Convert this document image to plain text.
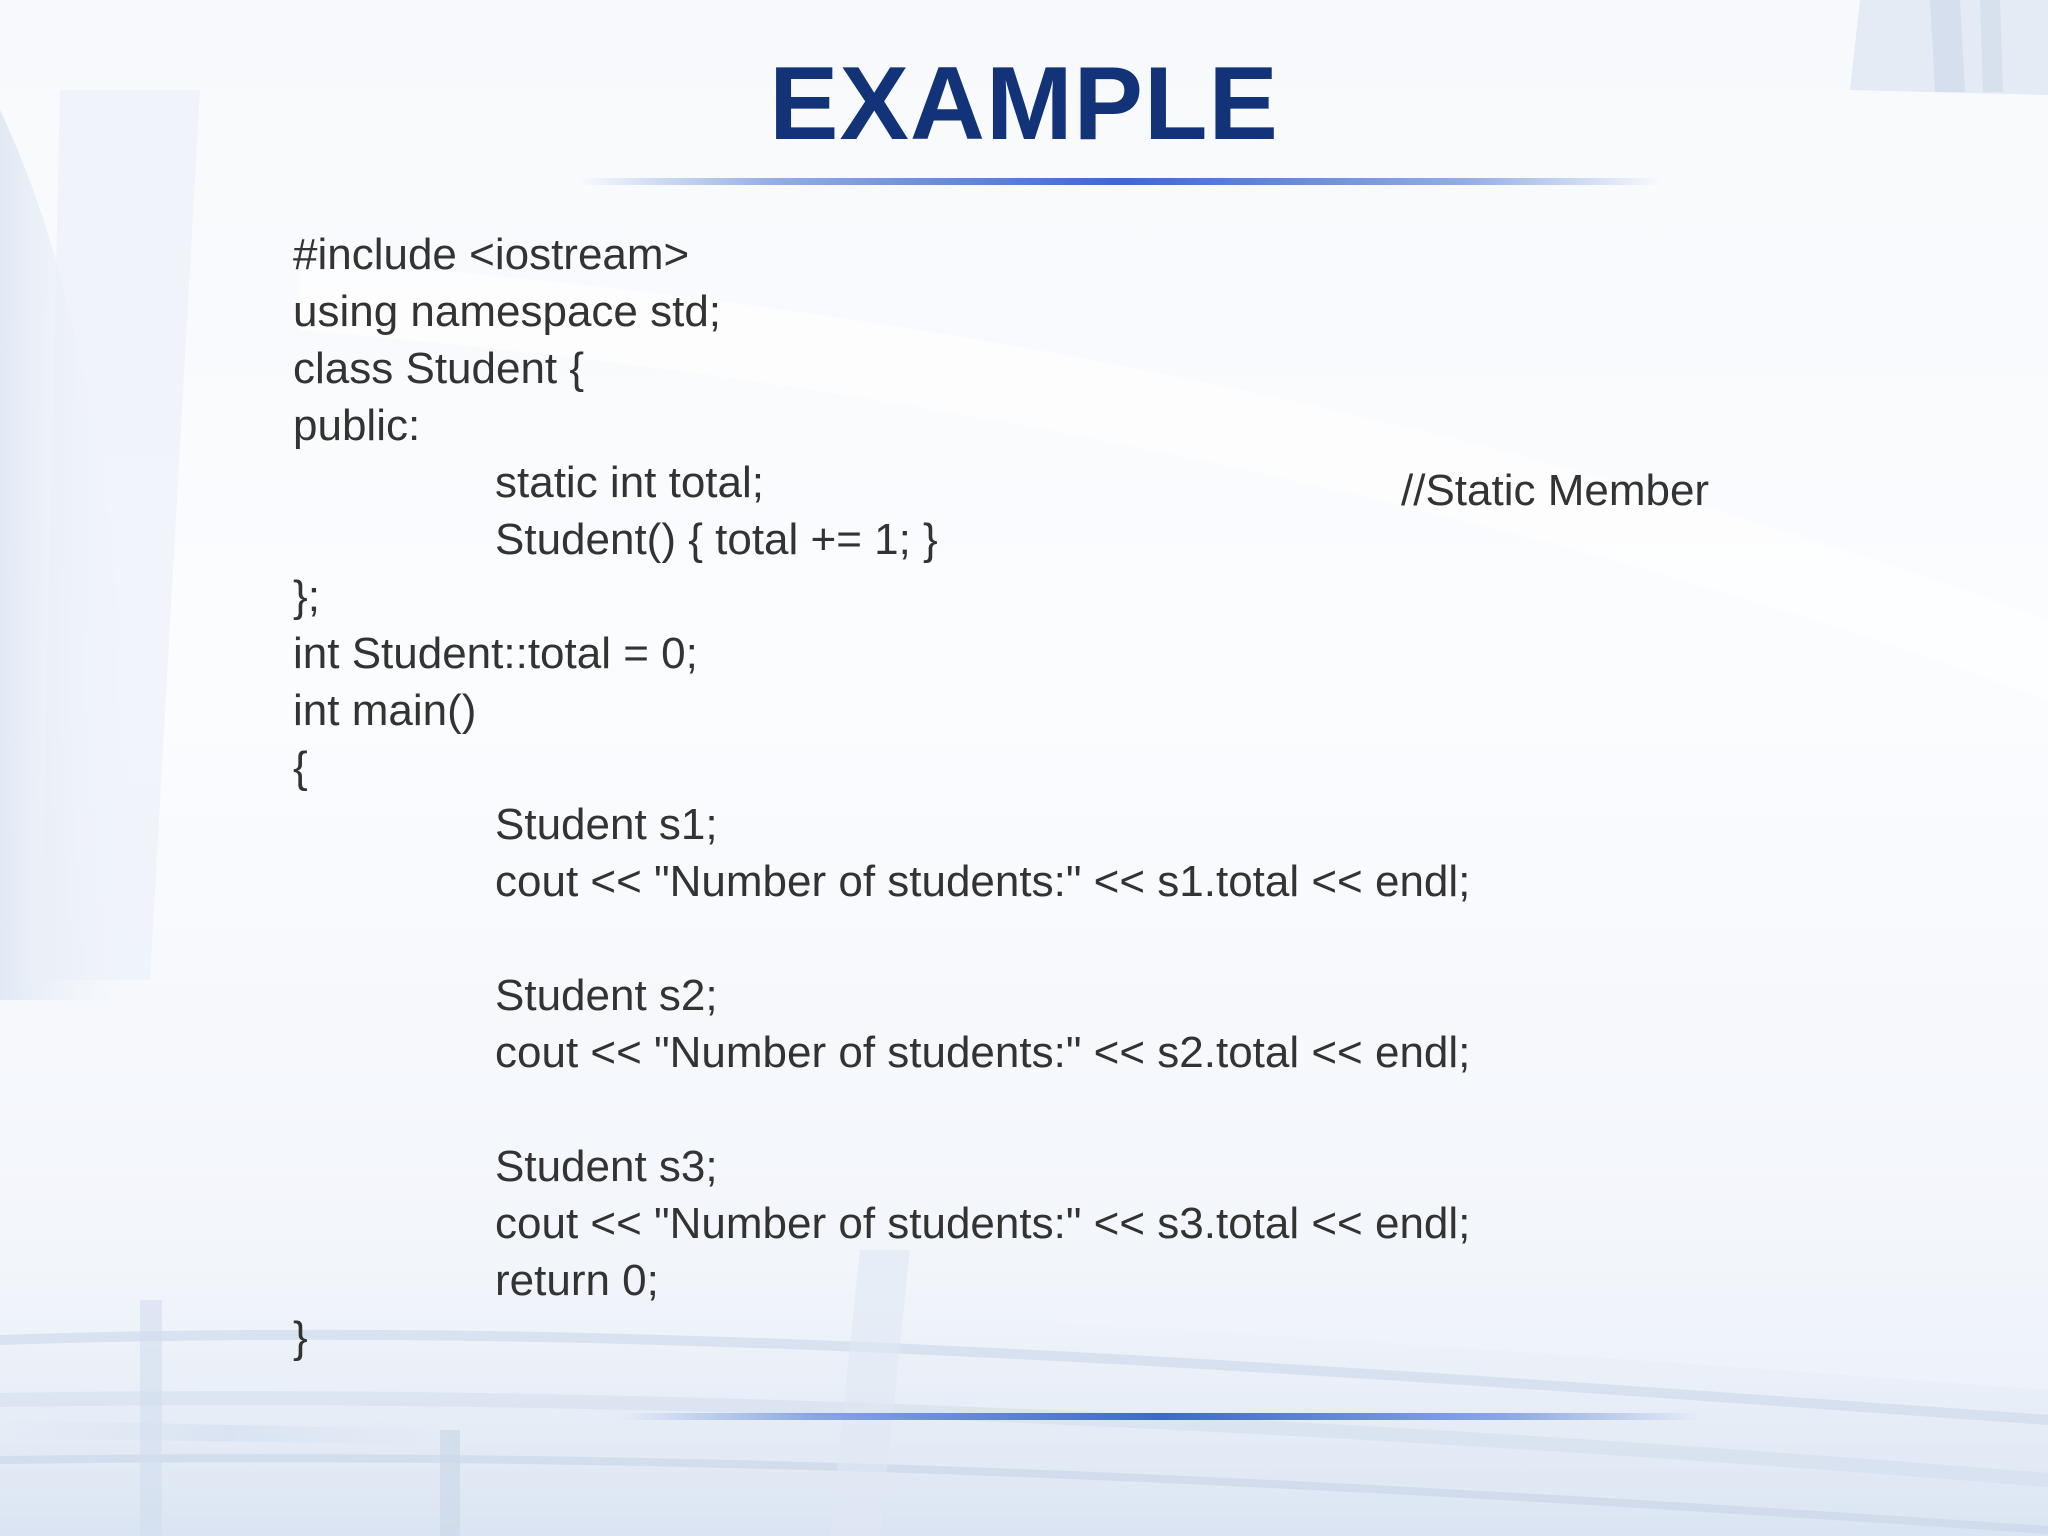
EXAMPLE
#include <iostream>
using namespace std;
class Student {
public:
static int total;
Student() { total += 1; }
};
int Student::total = 0;
int main()
{
Student s1;
cout << "Number of students:" << s1.total << endl;
Student s2;
cout << "Number of students:" << s2.total << endl;
Student s3;
cout << "Number of students:" << s3.total << endl;
return 0;
}
//Static Member
